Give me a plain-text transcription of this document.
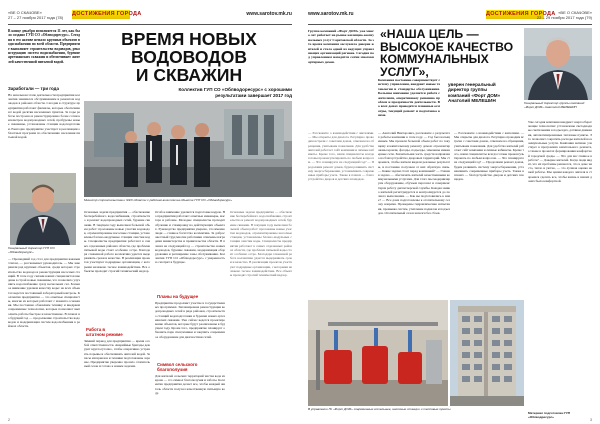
«ВЕ О СКАЧОВЕ»
27 – 27 ноября 2017 года (78)
ДОСТИЖЕНИЯ ГОРОДА	www.sarotov.mk.ru
В конце декабря исполняется 11 лет, как было создано ГУП СО «Облводоресурс». Сегодня в его активе немало крупных объектов водоснабжения по всей области. Предприятие выполняет строительство водоводов, реконструкцию систем водоснабжения, бурение артезианских скважин и обеспечивает жителей качественной питьевой водой.
Заработали — три года
На начальном этапе деятельности предприятия коллектив занимался обслуживанием и ремонтом водоводов в районах области. Сегодня в структуре предприятия работают филиалы, которые обеспечивают водой десятки населенных пунктов. За годы работы построено и реконструировано более сотни километров водопроводных сетей, пробурены новые скважины, установлены станции водоподготовки. Ежегодно предприятие участвует в реализации областных программ по обеспечению населения питьевой водой.
Генеральный директор ГУП СО «Облводоресурс»
— Прошедший год стал для предприятия важным этапом, — рассказывает руководитель. — Мы завершили ряд крупных объектов, среди которых строительство водовода и реконструкция насосных станций. В этом году силами наших специалистов введены в строй новые скважины, что позволило улучшить водоснабжение сразу нескольких сел. Большое внимание уделяем качеству воды: на всех объектах ведется постоянный лабораторный контроль. Коллектив предприятия — это опытные специалисты, многие из которых работают с момента основания. Мы постоянно обновляем технику и внедряем современные технологии, которые позволяют выполнять работы быстрее и качественнее. В планах на будущий год — продолжение строительства водоводов и модернизация систем водоснабжения в районах области.
ВРЕМЯ НОВЫХ
ВОДОВОДОВ
И СКВАЖИН
Коллектив ГУП СО «Облводоресурс» с хорошими
результатами завершает 2017 год
Министр строительства и ЖКХ области с рабочим визитом на объекте ГУП СО «Облводоресурс»
Основные задачи предприятия — обеспечение бесперебойного водоснабжения, строительство и ремонт водопроводных сетей, бурение скважин. В текущем году выполнен большой объем работ: проложены новые участки водоводов, отремонтированы насосные станции, установлены блочно-модульные станции очистки воды. Специалисты предприятия работают в самых отдаленных районах области, где проблема питьевой воды стоит особенно остро. Благодаря слаженной работе коллектива удается выдерживать сроки и качество. В реализации проектов участвуют подрядные организации, с которыми налажено тесное взаимодействие. Все объекты проходят строгий технический надзор.
Работа в
штатном режиме
Зимний период для предприятия — время особой ответственности. Аварийные бригады дежурят круглосуточно, чтобы оперативно устранять порывы и обеспечивать жителей водой. Запасы материалов и техники подготовлены заранее. Предприятие уверенно прошло отопительный сезон и готово к новым задачам.
Особое внимание уделяется подготовке кадров. На предприятии работают опытные инженеры, мастера и рабочие. Молодые специалисты проходят обучение и стажировку на действующих объектах. Руководство предприятия уверено, что именно люди — главное богатство коллектива. За добросовестный труд многие работники отмечены наградами министерства и правительства области. В планах на следующий год — строительство новых водоводов, бурение скважин, модернизация оборудования и расширение зоны обслуживания. Коллектив ГУП СО «Облводоресурс» с уверенностью смотрит в будущее.
Планы на будущее
Предприятие продолжит участие в государственных программах. Запланирована реконструкция водопроводных сетей в ряде районов, строительство станций водоподготовки и бурение новых артезианских скважин. Уже сейчас ведется проектирование объектов, которые будут реализованы в будущем году. Кроме того, предприятие планирует обновить парк спецтехники и закупить современное оборудование для диагностики сетей.
Символ сельского
благополучия
Для жителей сельских территорий чистая вода из крана — это символ благополучия и заботы. Коллектив предприятия делает все, чтобы каждый житель области получал качественную питьевую воду.
Основные задачи предприятия — обеспечение бесперебойного водоснабжения, строительство и ремонт водопроводных сетей, бурение скважин. В текущем году выполнен большой объем работ: проложены новые участки водоводов, отремонтированы насосные станции, установлены блочно-модульные станции очистки воды. Специалисты предприятия работают в самых отдаленных районах области, где проблема питьевой воды стоит особенно остро. Благодаря слаженной работе коллектива удается выдерживать сроки и качество. В реализации проектов участвуют подрядные организации, с которыми налажено тесное взаимодействие. Все объекты проходят строгий технический надзор.
2
www.sarotov.mk.ru	ДОСТИЖЕНИЯ ГОРОДА «ВЕ О СКАЧОВЕ»
22 – 29 ноября 2017 года (79)
Группа компаний «Форт ДОМ» уже много лет работает на рынке жилищно-коммунальных услуг Саратовской области. За это время компания заслужила доверие жителей и стала одной из ведущих управляющих организаций региона. Сегодня под управлением находятся сотни многоквартирных домов.
Компания постоянно совершенствует систему управления, внедряет новые технологии и стандарты обслуживания. Большое внимание уделяется работе с жителями, оперативному решению проблем и прозрачности деятельности. Во всех домах проводятся плановые осмотры, текущий ремонт и подготовка к зиме.
«НАША ЦЕЛЬ —
ВЫСОКОЕ КАЧЕСТВО
КОММУНАЛЬНЫХ
УСЛУГ»,
уверен генеральный
директор группы
компаний «Форт ДОМ»
Анатолий МЕЛЕШИН	Генеральный директор группы компаний «Форт ДОМ» Анатолий МЕЛЕШИН
— Анатолий Викторович, расскажите о результатах работы компании в этом году. — Год был насыщенным. Мы провели большой объем работ по текущему и капитальному ремонту домов: отремонтированы кровли, фасады, подъезды, заменены инженерные сети. Значительная часть средств направлена на благоустройство дворовых территорий. Мы стараемся, чтобы жители видели реальные результаты, и постоянно получаем от них обратную связь. — Какие задачи стоят перед компанией? — Главная задача — обеспечить жителей качественными коммунальными услугами. Для этого мы модернизируем оборудование, обучаем персонал и совершенствуем работу диспетчерской службы. Каждая заявка жителей регистрируется и контролируется до полного выполнения. — Как вы подготовились к зиме? — Все дома подготовлены к отопительному сезону вовремя. Проведены гидравлические испытания, промывка систем, утепление подвалов и подъездов. Отопительный сезон начался без сбоев.
— Расскажите о взаимодействии с жителями. — Мы открыты для диалога. Регулярно проводим встречи с советами домов, отвечаем на обращения, учитываем пожелания. Для удобства жителей работает сайт компании и личные кабинеты. Кроме того, наши специалисты всегда готовы проконсультировать по любым вопросам. — Что планируете на следующий год? — Продолжим ремонт домов, будем развивать систему энергосбережения, устанавливать современные приборы учета. Также в планах — благоустройство дворов и детских площадок.
Уже сегодня компания внедряет энергосберегающие технологии: установлены светодиодные светильники в подъездах, датчики движения, автоматизированные тепловые пункты. Это позволяет сократить расходы жителей на коммунальные услуги. Компания активно участвует в программах капитального ремонта, а также в проектах формирования комфортной городской среды. — Что для вас главное в работе? — Доверие жителей. Когда люди видят, что их проблемы решаются, что в доме чисто, тепло и уютно, — это лучшая оценка нашей работы. Мы ценим каждого жителя и стараемся сделать все, чтобы жизнь в наших домах была комфортной.
— Расскажите о взаимодействии с жителями. — Мы открыты для диалога. Регулярно проводим встречи с советами домов, отвечаем на обращения, учитываем пожелания. Для удобства жителей работает сайт компании и личные кабинеты. Кроме того, наши специалисты всегда готовы проконсультировать по любым вопросам. — Что планируете на следующий год? — Продолжим ремонт домов, будем развивать систему энергосбережения, устанавливать современные приборы учета. Также в планах — благоустройство дворов и детских площадок.
В управлении ГК «Форт ДОМ» современные котельные, насосные станции и тепловые пункты
Материал подготовлен ГУП «Облводресурс»
3
